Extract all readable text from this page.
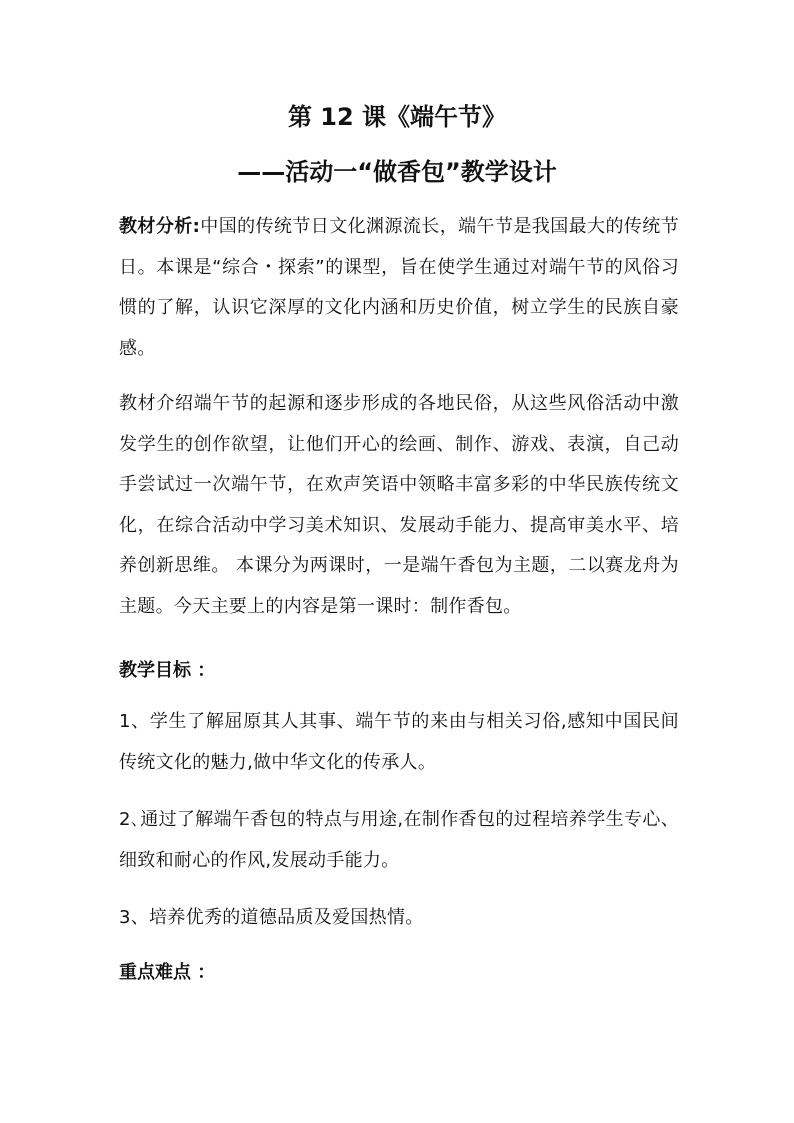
第 12 课《端午节》
——活动一“做香包”教学设计

教材分析:中国的传统节日文化渊源流长，端午节是我国最大的传统节日。本课是“综合・探索”的课型，旨在使学生通过对端午节的风俗习惯的了解，认识它深厚的文化内涵和历史价值，树立学生的民族自豪感。

教材介绍端午节的起源和逐步形成的各地民俗，从这些风俗活动中激发学生的创作欲望，让他们开心的绘画、制作、游戏、表演，自己动手尝试过一次端午节，在欢声笑语中领略丰富多彩的中华民族传统文化，在综合活动中学习美术知识、发展动手能力、提高审美水平、培养创新思维。 本课分为两课时，一是端午香包为主题，二以赛龙舟为主题。今天主要上的内容是第一课时：制作香包。

教学目标 ：

1、学生了解屈原其人其事、端午节的来由与相关习俗,感知中国民间传统文化的魅力,做中华文化的传承人。

2､通过了解端午香包的特点与用途,在制作香包的过程培养学生专心、细致和耐心的作风,发展动手能力。

3、培养优秀的道德品质及爱国热情。

重点难点 ：
